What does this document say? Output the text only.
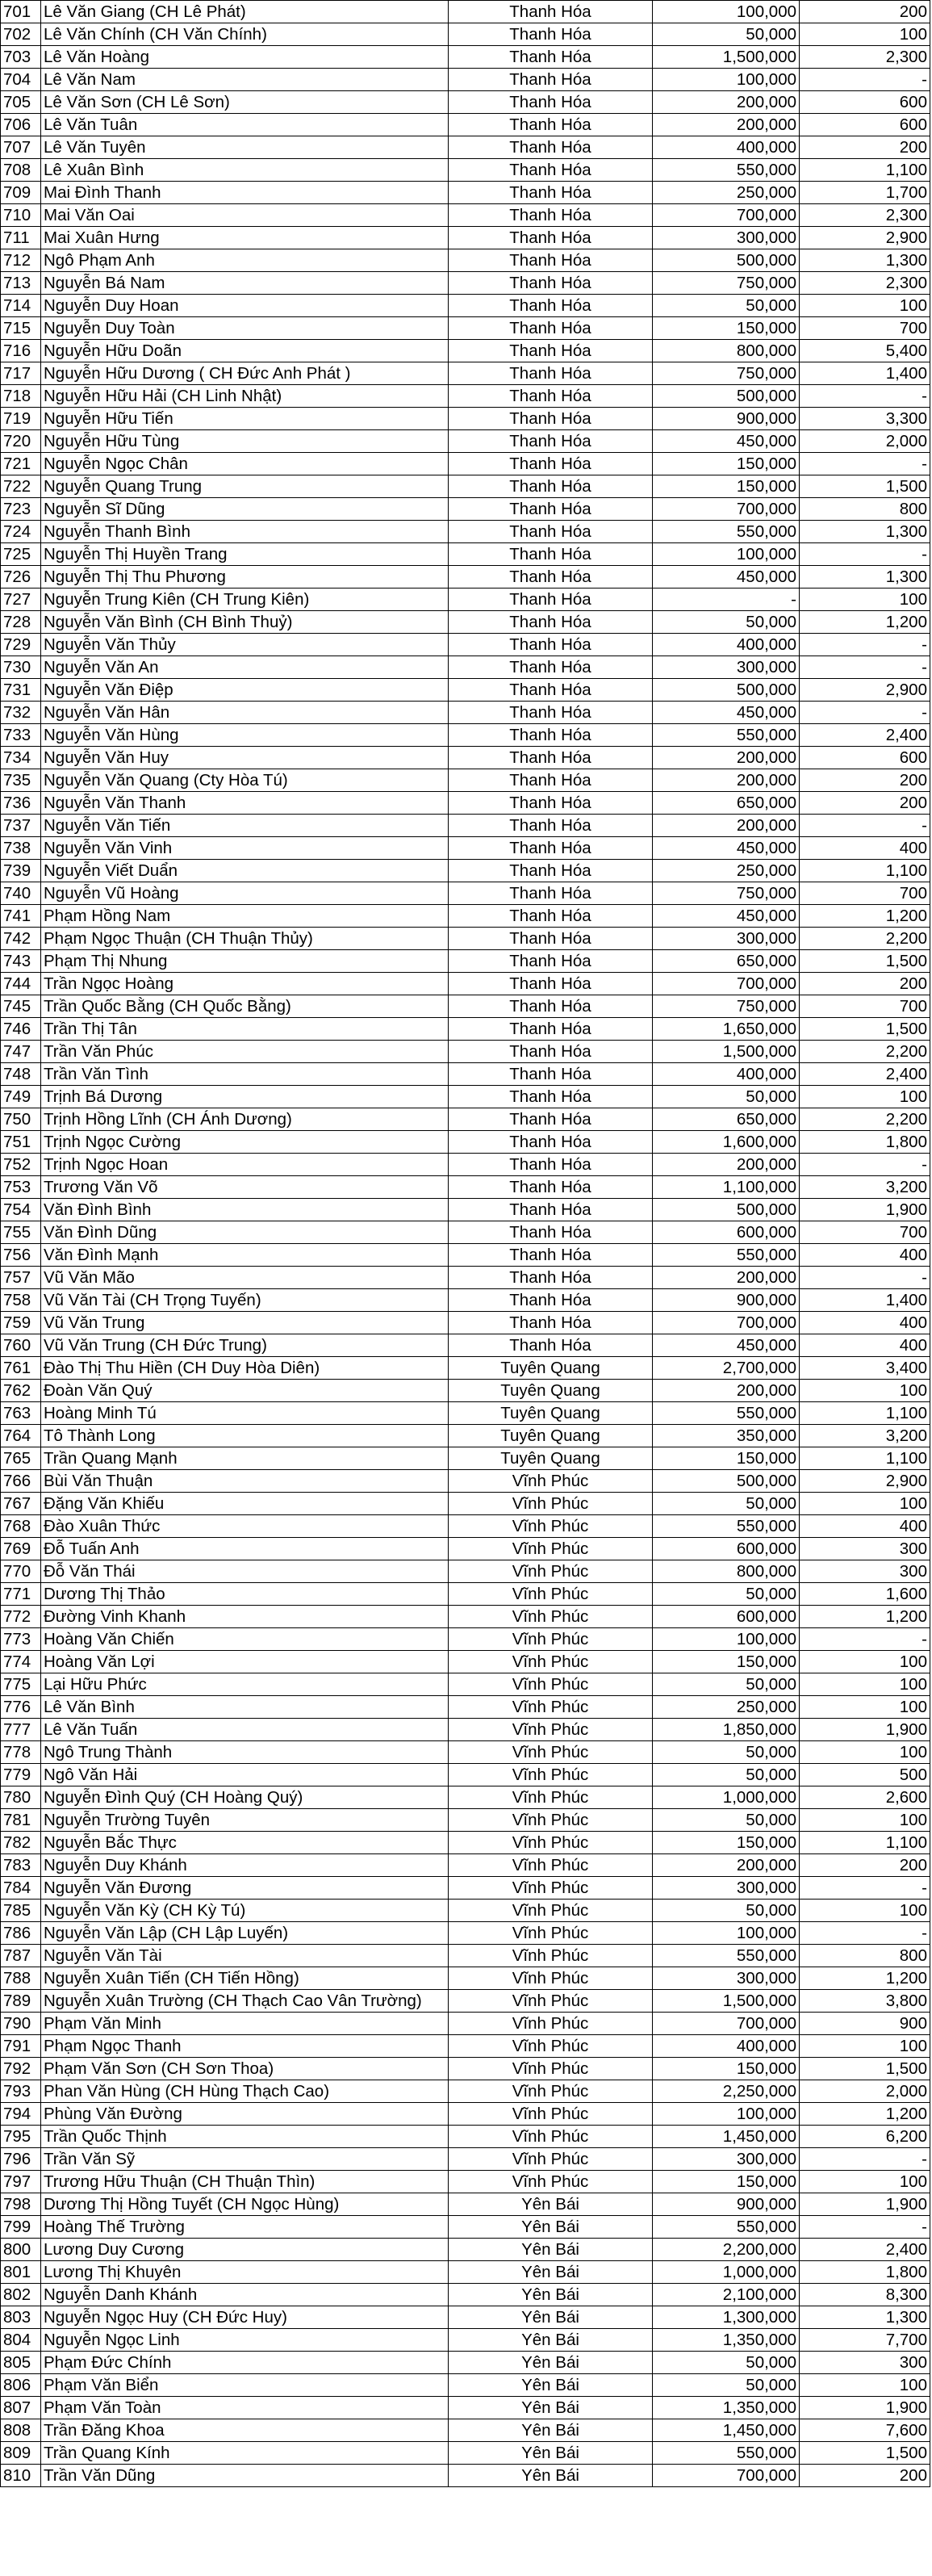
701	Lê Văn Giang (CH Lê Phát)	Thanh Hóa	100,000	200
702	Lê Văn Chính (CH Văn Chính)	Thanh Hóa	50,000	100
703	Lê Văn Hoàng	Thanh Hóa	1,500,000	2,300
704	Lê Văn Nam	Thanh Hóa	100,000	-
705	Lê Văn Sơn (CH Lê Sơn)	Thanh Hóa	200,000	600
706	Lê Văn Tuân	Thanh Hóa	200,000	600
707	Lê Văn Tuyên	Thanh Hóa	400,000	200
708	Lê Xuân Bình	Thanh Hóa	550,000	1,100
709	Mai Đình Thanh	Thanh Hóa	250,000	1,700
710	Mai Văn Oai	Thanh Hóa	700,000	2,300
711	Mai Xuân Hưng	Thanh Hóa	300,000	2,900
712	Ngô Phạm Anh	Thanh Hóa	500,000	1,300
713	Nguyễn Bá Nam	Thanh Hóa	750,000	2,300
714	Nguyễn Duy Hoan	Thanh Hóa	50,000	100
715	Nguyễn Duy Toàn	Thanh Hóa	150,000	700
716	Nguyễn Hữu Doãn	Thanh Hóa	800,000	5,400
717	Nguyễn Hữu Dương ( CH Đức Anh Phát )	Thanh Hóa	750,000	1,400
718	Nguyễn Hữu Hải (CH Linh Nhật)	Thanh Hóa	500,000	-
719	Nguyễn Hữu Tiến	Thanh Hóa	900,000	3,300
720	Nguyễn Hữu Tùng	Thanh Hóa	450,000	2,000
721	Nguyễn Ngọc Chân	Thanh Hóa	150,000	-
722	Nguyễn Quang Trung	Thanh Hóa	150,000	1,500
723	Nguyễn Sĩ Dũng	Thanh Hóa	700,000	800
724	Nguyễn Thanh Bình	Thanh Hóa	550,000	1,300
725	Nguyễn Thị Huyền Trang	Thanh Hóa	100,000	-
726	Nguyễn Thị Thu Phương	Thanh Hóa	450,000	1,300
727	Nguyễn Trung Kiên (CH Trung Kiên)	Thanh Hóa	-	100
728	Nguyễn Văn Bình (CH Bình Thuỷ)	Thanh Hóa	50,000	1,200
729	Nguyễn Văn Thủy	Thanh Hóa	400,000	-
730	Nguyễn Văn An	Thanh Hóa	300,000	-
731	Nguyễn Văn Điệp	Thanh Hóa	500,000	2,900
732	Nguyễn Văn Hân	Thanh Hóa	450,000	-
733	Nguyễn Văn Hùng	Thanh Hóa	550,000	2,400
734	Nguyễn Văn Huy	Thanh Hóa	200,000	600
735	Nguyễn Văn Quang (Cty Hòa Tú)	Thanh Hóa	200,000	200
736	Nguyễn Văn Thanh	Thanh Hóa	650,000	200
737	Nguyễn Văn Tiến	Thanh Hóa	200,000	-
738	Nguyễn Văn Vinh	Thanh Hóa	450,000	400
739	Nguyễn Viết Duẩn	Thanh Hóa	250,000	1,100
740	Nguyễn Vũ Hoàng	Thanh Hóa	750,000	700
741	Phạm Hồng Nam	Thanh Hóa	450,000	1,200
742	Phạm Ngọc Thuận (CH Thuận Thủy)	Thanh Hóa	300,000	2,200
743	Phạm Thị Nhung	Thanh Hóa	650,000	1,500
744	Trần Ngọc Hoàng	Thanh Hóa	700,000	200
745	Trần Quốc Bằng (CH Quốc Bằng)	Thanh Hóa	750,000	700
746	Trần Thị Tân	Thanh Hóa	1,650,000	1,500
747	Trần Văn Phúc	Thanh Hóa	1,500,000	2,200
748	Trần Văn Tình	Thanh Hóa	400,000	2,400
749	Trịnh Bá Dương	Thanh Hóa	50,000	100
750	Trịnh Hồng Lĩnh (CH Ánh Dương)	Thanh Hóa	650,000	2,200
751	Trịnh Ngọc Cường	Thanh Hóa	1,600,000	1,800
752	Trịnh Ngọc Hoan	Thanh Hóa	200,000	-
753	Trương Văn Võ	Thanh Hóa	1,100,000	3,200
754	Văn Đình Bình	Thanh Hóa	500,000	1,900
755	Văn Đình Dũng	Thanh Hóa	600,000	700
756	Văn Đình Mạnh	Thanh Hóa	550,000	400
757	Vũ Văn Mão	Thanh Hóa	200,000	-
758	Vũ Văn Tài (CH Trọng Tuyến)	Thanh Hóa	900,000	1,400
759	Vũ Văn Trung	Thanh Hóa	700,000	400
760	Vũ Văn Trung (CH Đức Trung)	Thanh Hóa	450,000	400
761	Đào Thị Thu Hiền (CH Duy Hòa Diên)	Tuyên Quang	2,700,000	3,400
762	Đoàn Văn Quý	Tuyên Quang	200,000	100
763	Hoàng Minh Tú	Tuyên Quang	550,000	1,100
764	Tô Thành Long	Tuyên Quang	350,000	3,200
765	Trần Quang Mạnh	Tuyên Quang	150,000	1,100
766	Bùi Văn Thuận	Vĩnh Phúc	500,000	2,900
767	Đặng Văn Khiếu	Vĩnh Phúc	50,000	100
768	Đào Xuân Thức	Vĩnh Phúc	550,000	400
769	Đỗ Tuấn Anh	Vĩnh Phúc	600,000	300
770	Đỗ Văn Thái	Vĩnh Phúc	800,000	300
771	Dương Thị Thảo	Vĩnh Phúc	50,000	1,600
772	Đường Vinh Khanh	Vĩnh Phúc	600,000	1,200
773	Hoàng Văn Chiến	Vĩnh Phúc	100,000	-
774	Hoàng Văn Lợi	Vĩnh Phúc	150,000	100
775	Lại Hữu Phức	Vĩnh Phúc	50,000	100
776	Lê Văn Bình	Vĩnh Phúc	250,000	100
777	Lê Văn Tuấn	Vĩnh Phúc	1,850,000	1,900
778	Ngô Trung Thành	Vĩnh Phúc	50,000	100
779	Ngô Văn Hải	Vĩnh Phúc	50,000	500
780	Nguyễn Đình Quý (CH Hoàng Quý)	Vĩnh Phúc	1,000,000	2,600
781	Nguyễn Trường Tuyên	Vĩnh Phúc	50,000	100
782	Nguyễn Bắc Thực	Vĩnh Phúc	150,000	1,100
783	Nguyễn Duy Khánh	Vĩnh Phúc	200,000	200
784	Nguyễn Văn Đương	Vĩnh Phúc	300,000	-
785	Nguyễn Văn Kỳ (CH Kỳ Tú)	Vĩnh Phúc	50,000	100
786	Nguyễn Văn Lập (CH Lập Luyến)	Vĩnh Phúc	100,000	-
787	Nguyễn Văn Tài	Vĩnh Phúc	550,000	800
788	Nguyễn Xuân Tiến (CH Tiến Hồng)	Vĩnh Phúc	300,000	1,200
789	Nguyễn Xuân Trường (CH Thạch Cao Vân Trường)	Vĩnh Phúc	1,500,000	3,800
790	Phạm Văn Minh	Vĩnh Phúc	700,000	900
791	Phạm Ngọc Thanh	Vĩnh Phúc	400,000	100
792	Phạm Văn Sơn (CH Sơn Thoa)	Vĩnh Phúc	150,000	1,500
793	Phan Văn Hùng (CH Hùng Thạch Cao)	Vĩnh Phúc	2,250,000	2,000
794	Phùng Văn Đường	Vĩnh Phúc	100,000	1,200
795	Trần Quốc Thịnh	Vĩnh Phúc	1,450,000	6,200
796	Trần Văn Sỹ	Vĩnh Phúc	300,000	-
797	Trương Hữu Thuận (CH Thuận Thìn)	Vĩnh Phúc	150,000	100
798	Dương Thị Hồng Tuyết (CH Ngọc Hùng)	Yên Bái	900,000	1,900
799	Hoàng Thế Trường	Yên Bái	550,000	-
800	Lương Duy Cương	Yên Bái	2,200,000	2,400
801	Lương Thị Khuyên	Yên Bái	1,000,000	1,800
802	Nguyễn Danh Khánh	Yên Bái	2,100,000	8,300
803	Nguyễn Ngọc Huy (CH Đức Huy)	Yên Bái	1,300,000	1,300
804	Nguyễn Ngọc Linh	Yên Bái	1,350,000	7,700
805	Phạm Đức Chính	Yên Bái	50,000	300
806	Phạm Văn Biển	Yên Bái	50,000	100
807	Phạm Văn Toàn	Yên Bái	1,350,000	1,900
808	Trần Đăng Khoa	Yên Bái	1,450,000	7,600
809	Trần Quang Kính	Yên Bái	550,000	1,500
810	Trần Văn Dũng	Yên Bái	700,000	200
